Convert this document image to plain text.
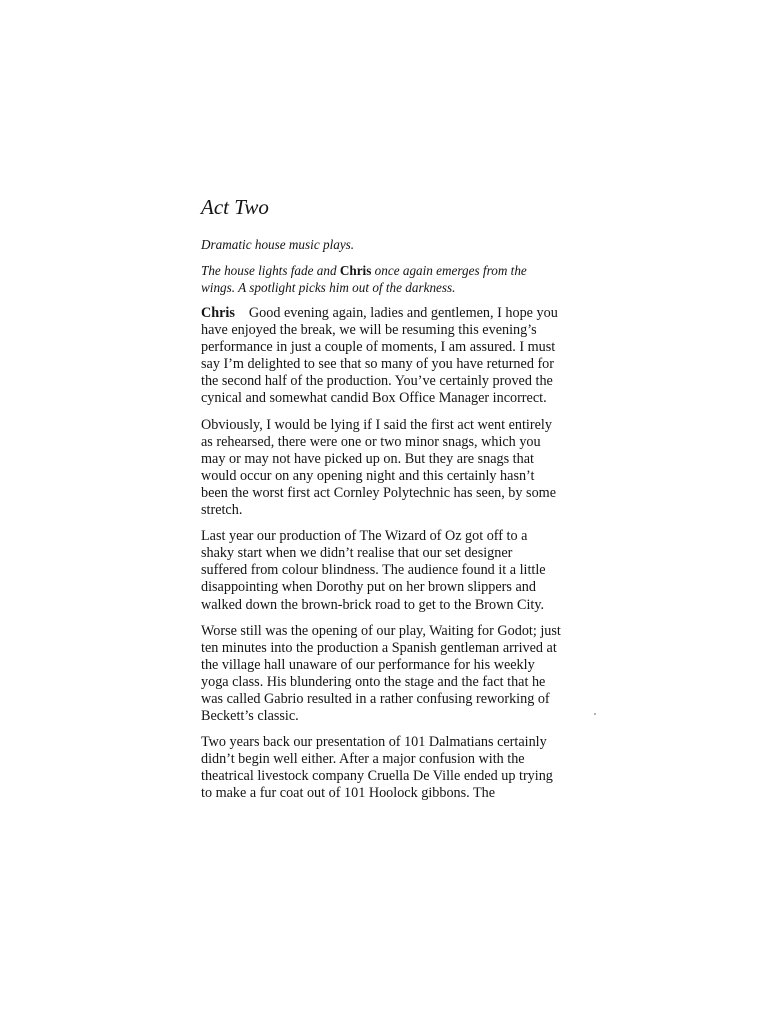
Act Two

Dramatic house music plays.

The house lights fade and Chris once again emerges from the wings. A spotlight picks him out of the darkness.

Chris Good evening again, ladies and gentlemen, I hope you have enjoyed the break, we will be resuming this evening’s performance in just a couple of moments, I am assured. I must say I’m delighted to see that so many of you have returned for the second half of the production. You’ve certainly proved the cynical and somewhat candid Box Office Manager incorrect.

Obviously, I would be lying if I said the first act went entirely as rehearsed, there were one or two minor snags, which you may or may not have picked up on. But they are snags that would occur on any opening night and this certainly hasn’t been the worst first act Cornley Polytechnic has seen, by some stretch.

Last year our production of The Wizard of Oz got off to a shaky start when we didn’t realise that our set designer suffered from colour blindness. The audience found it a little disappointing when Dorothy put on her brown slippers and walked down the brown-brick road to get to the Brown City.

Worse still was the opening of our play, Waiting for Godot; just ten minutes into the production a Spanish gentleman arrived at the village hall unaware of our performance for his weekly yoga class. His blundering onto the stage and the fact that he was called Gabrio resulted in a rather confusing reworking of Beckett’s classic.

Two years back our presentation of 101 Dalmatians certainly didn’t begin well either. After a major confusion with the theatrical livestock company Cruella De Ville ended up trying to make a fur coat out of 101 Hoolock gibbons. The
